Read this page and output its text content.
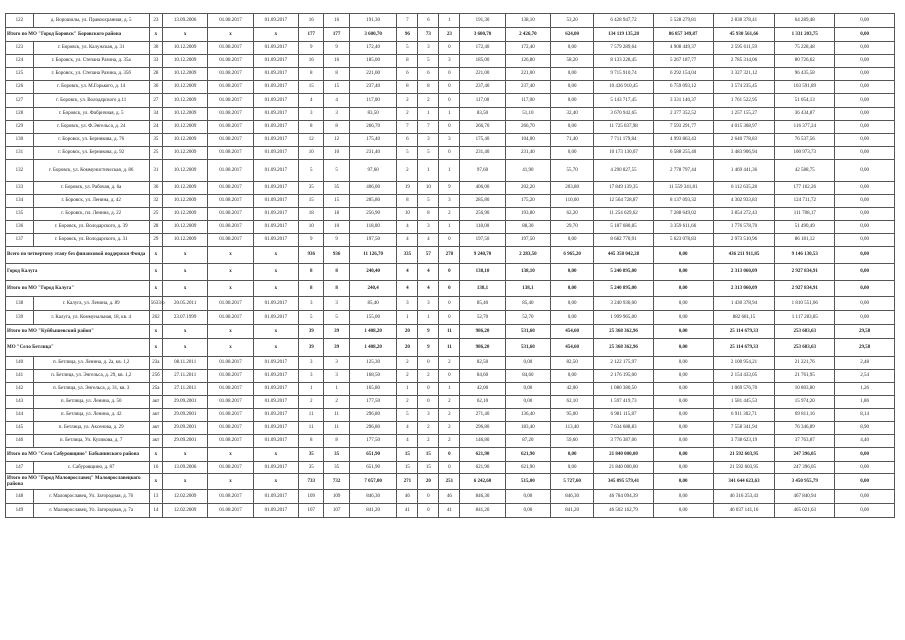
122	д. Ворошилы, ул. Правоохранная, д. 5	23	13.09.2006	01.08.2017	01.09.2017	16	16	191,30	7	6	1	191,30	138,10	53,20	6 428 947,72	5 528 279,81	2 838 378,41	64 289,48	0,00
Итого по МО "Город Боровск" Боровского района		х	х	х	х	177	177	3 600,70	96	73	23	3 600,70	2 426,70	624,00	134 119 135,28	86 857 349,87	45 930 561,66	1 331 203,75	0,00
123	г. Боровск, ул. Калужская, д. 31	30	10.12.2009	01.08.2017	01.09.2017	9	9	172,40	5	3	0	172,40	172,40	0,00	7 579 289,64	4 908 449,37	2 595 611,59	75 228,48	0,00
124	г. Боровск, ул. Степана Разина, д. 35а	33	10.12.2009	01.08.2017	01.09.2017	16	16	185,00	8	5	3	185,00	126,80	58,20	8 133 228,45	5 267 187,77	2 785 314,06	80 726,62	0,00
125	г. Боровск, ул. Степана Разина, д. 35б	28	10.12.2009	01.08.2017	01.09.2017	8	8	221,00	6	6	0	221,00	221,00	0,00	9 715 910,74	6 292 154,04	3 327 321,12	96 435,58	0,00
126	г. Боровск, ул. М.Горького, д. 14	36	10.12.2009	01.08.2017	01.09.2017	15	15	237,40	8	8	0	237,40	237,40	0,00	10 436 910,45	6 759 093,12	3 574 235,45	103 591,89	0,00
127	г. Боровск, ул. Володарского д.11	27	10.12.2009	01.08.2017	01.09.2017	4	4	117,00	2	2	0	117,00	117,00	0,00	5 143 717,45	3 331 140,37	1 761 522,95	51 054,13	0,00
128	г. Боровск, ул. Фабричная, д. 5	34	10.12.2009	01.08.2017	01.09.2017	3	3	83,50	2	1	1	83,50	51,10	32,40	3 670 942,65	2 377 352,52	1 257 155,27	36 434,87	0,00
129	г. Боровск, ул. Ф.Энгельса, д. 24	24	10.12.2009	01.08.2017	01.09.2017	8	8	266,70	7	7	0	266,70	266,70	0,00	11 725 037,98	7 593 291,77	4 015 368,97	116 377,24	0,00
130	г. Боровск, ул. Берникова, д. 76	35	10.12.2009	01.08.2017	01.09.2017	12	12	175,40	6	3	3	175,40	104,00	71,40	7 711 179,84	4 993 863,43	2 640 778,83	76 537,56	0,00
131	г. Боровск, ул. Берникова, д. 92	25	10.12.2009	01.08.2017	01.09.2017	10	10	231,40	5	5	0	231,40	231,40	0,00	10 173 130,07	6 588 255,40	3 483 906,94	100 973,73	0,00
132	г. Боровск, ул. Коммунистическая, д. 86	31	10.12.2009	01.08.2017	01.09.2017	5	5	97,60	2	1	1	97,60	41,90	55,70	4 290 827,55	2 778 797,44	1 469 441,36	42 588,75	0,00
133	г. Боровск, ул. Рабочая, д. 6а	36	10.12.2009	01.08.2017	01.09.2017	35	35	406,00	19	10	9	406,00	202,20	203,80	17 849 139,35	11 559 341,81	6 112 635,28	177 162,26	0,00
134	г. Боровск, ул. Ленина, д. 42	32	10.12.2009	01.08.2017	01.09.2017	15	15	285,80	8	5	3	285,80	175,20	110,60	12 564 728,87	8 137 093,32	4 302 933,83	124 711,72	0,00
135	г. Боровск, пл. Ленина, д. 22	25	10.12.2009	01.08.2017	01.09.2017	18	18	256,90	10	8	2	256,90	193,80	62,20	11 254 629,62	7 288 649,02	3 854 272,43	111 708,17	0,00
136	г. Боровск, ул. Володарского, д. 39	28	10.12.2009	01.08.2017	01.09.2017	10	10	118,00	4	3	1	118,00	88,30	29,70	5 187 680,85	3 359 611,66	1 776 578,70	51 490,49	0,00
137	г. Боровск, ул. Володарского, д. 31	29	10.12.2009	01.08.2017	01.09.2017	9	9	197,50	4	4	0	197,50	197,50	0,00	8 682 770,91	5 623 078,83	2 973 510,96	86 181,12	0,00
Всего по четвертому этапу без финансовой поддержки Фонда		х	х	х	х	936	936	11 126,70	335	57	278	9 240,70	2 283,50	6 965,20	445 358 042,28	0,00	436 211 911,85	9 146 130,53	0,00
Город Калуга		х	х	х	х	8	8	240,40	4	4	0	138,10	138,10	0,00	5 240 895,00	0,00	2 313 060,09	2 927 834,91	0,00
Итого по МО "Город Калуга"		х	х	х	х	8	8	240,4	4	4	0	138,1	138,1	0,00	5 240 895,00	0,00	2 313 060,09	2 927 834,91	0,00
138	г. Калуга, ул. Ленина, д. 89	5633/р	20.05.2011	01.08.2017	01.09.2017	3	3	85,40	3	3	0	85,40	85,40	0,00	3 240 930,00	0,00	1 430 378,94	1 810 551,06	0,00
139	г. Калуга, ул. Коммунальная, 18, кв. 4	262	23.07.1999	01.08.2017	01.09.2017	5	5	155,00	1	1	0	52,70	52,70	0,00	1 999 965,00	0,00	882 681,15	1 117 283,85	0,00
Итого по МО "Куйбышевский район"		х	х	х	х	39	39	1 408,20	20	9	11	986,20	531,60	454,60	25 368 362,96	0,00	25 114 679,33	253 683,63	29,58
МО "Село Бетлица"		х	х	х	х	39	39	1 408,20	20	9	11	986,20	531,60	454,60	25 368 362,96	0,00	25 114 679,33	253 683,63	29,58
140	п. Бетлица, ул. Ленина, д. 2а, кв. 1,2	23а	08.11.2011	01.08.2017	01.09.2017	3	3	125,30	2	0	2	82,50	0,00	82,50	2 122 175,97	0,00	2 100 954,21	21 221,76	2,48
141	п. Бетлица, ул. Энгельса, д. 29, кв. 1,2	25б	27.11.2011	01.08.2017	01.09.2017	3	3	168,50	2	2	0	84,60	84,60	0,00	2 176 195,00	0,00	2 154 433,05	21 761,95	2,54
142	п. Бетлица, ул. Энгельса, д. 31, кв. 3	25а	27.11.2011	01.08.2017	01.09.2017	1	1	165,80	1	0	1	42,00	0,00	42,00	1 080 380,50	0,00	1 069 576,70	10 803,80	1,26
143	п. Бетлица, ул. Ленина, д. 50	акт	29.09.2001	01.08.2017	01.09.2017	2	2	177,50	2	0	2	62,10	0,00	62,10	1 597 419,73	0,00	1 581 445,53	15 974,20	1,86
144	п. Бетлица, ул. Ленина, д. 42	акт	29.09.2001	01.08.2017	01.09.2017	11	11	296,80	5	3	2	271,40	136,40	95,00	6 981 115,87	0,00	6 911 302,71	69 811,16	8,14
145	п. Бетлица, ул. Аксенова, д. 29	акт	29.09.2001	01.08.2017	01.09.2017	11	11	296,80	4	2	2	296,80	183,40	113,40	7 634 688,83	0,00	7 558 341,94	76 346,89	8,90
146	п. Бетлица, Ул. Куликова, д. 7	акт	29.09.2001	01.08.2017	01.09.2017	8	8	177,50	4	2	2	146,80	87,20	59,60	3 776 387,06	0,00	3 738 623,19	37 763,87	4,40
Итого по МО "Село Сабуровщино" Бабынинского района		х	х	х	х	35	35	651,90	15	15	0	621,90	621,90	0,00	21 840 000,00	0,00	21 592 603,95	247 396,05	0,00
147	с. Сабуровщино, д. 87	16	13.09.2006	01.08.2017	01.09.2017	35	35	651,90	15	15	0	621,90	621,90	0,00	21 840 000,00	0,00	21 592 603,95	247 396,05	0,00
Итого по МО "Город Малоярославец" Малоярославецкого района		х	х	х	х	733	732	7 057,00	271	20	251	6 242,60	515,00	5 727,60	345 095 579,41	0,00	341 644 623,63	3 450 955,79	0,00
148	г. Малоярославец, Ул. Загородная, д. 76	13	12.02.2009	01.08.2017	01.09.2017	109	109	846,30	46	0	46	846,30	0,00	846,30	46 784 094,39	0,00	46 316 253,43	467 840,94	0,00
149	г. Малоярославец, Ул. Загородная, д. 7а	14	12.02.2009	01.08.2017	01.09.2017	107	107	841,20	41	0	41	841,20	0,00	841,20	46 502 162,79	0,00	46 037 141,16	465 021,63	0,00
